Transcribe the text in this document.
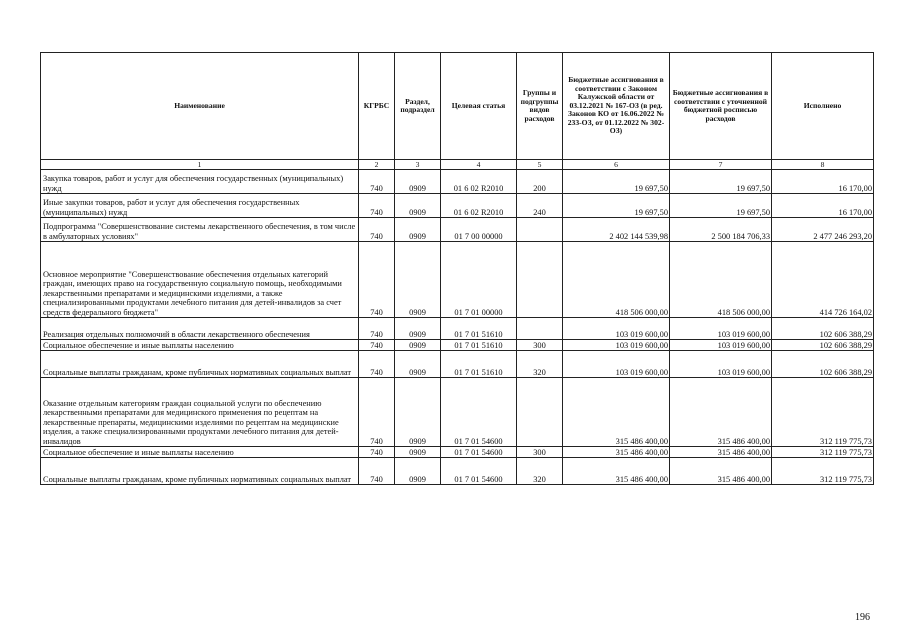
Наименование	КГРБС	Раздел, подраздел	Целевая статья	Группы и подгруппы видов расходов	Бюджетные ассигнования в соответствии с Законом Калужской области от 03.12.2021 № 167-ОЗ (в ред. Законов КО от 16.06.2022 № 233-ОЗ, от 01.12.2022 № 302-ОЗ)	Бюджетные ассигнования в соответствии с уточненной бюджетной росписью расходов	Исполнено
1	2	3	4	5	6	7	8
Закупка товаров, работ и услуг для обеспечения государственных (муниципальных) нужд	740	0909	01 6 02 R2010	200	19 697,50	19 697,50	16 170,00
Иные закупки товаров, работ и услуг для обеспечения государственных (муниципальных) нужд	740	0909	01 6 02 R2010	240	19 697,50	19 697,50	16 170,00
Подпрограмма "Совершенствование системы лекарственного обеспечения, в том числе в амбулаторных условиях"	740	0909	01 7 00 00000		2 402 144 539,98	2 500 184 706,33	2 477 246 293,20
Основное мероприятие "Совершенствование обеспечения отдельных категорий граждан, имеющих право на государственную социальную помощь, необходимыми лекарственными препаратами и медицинскими изделиями, а также специализированными продуктами лечебного питания для детей-инвалидов за счет средств федерального бюджета"	740	0909	01 7 01 00000		418 506 000,00	418 506 000,00	414 726 164,02
Реализация отдельных полномочий в области лекарственного обеспечения	740	0909	01 7 01 51610		103 019 600,00	103 019 600,00	102 606 388,29
Социальное обеспечение и иные выплаты населению	740	0909	01 7 01 51610	300	103 019 600,00	103 019 600,00	102 606 388,29
Социальные выплаты гражданам, кроме публичных нормативных социальных выплат	740	0909	01 7 01 51610	320	103 019 600,00	103 019 600,00	102 606 388,29
Оказание отдельным категориям граждан социальной услуги по обеспечению лекарственными препаратами для медицинского применения по рецептам на лекарственные препараты, медицинскими изделиями по рецептам на медицинские изделия, а также специализированными продуктами лечебного питания для детей-инвалидов	740	0909	01 7 01 54600		315 486 400,00	315 486 400,00	312 119 775,73
Социальное обеспечение и иные выплаты населению	740	0909	01 7 01 54600	300	315 486 400,00	315 486 400,00	312 119 775,73
Социальные выплаты гражданам, кроме публичных нормативных социальных выплат	740	0909	01 7 01 54600	320	315 486 400,00	315 486 400,00	312 119 775,73
196
